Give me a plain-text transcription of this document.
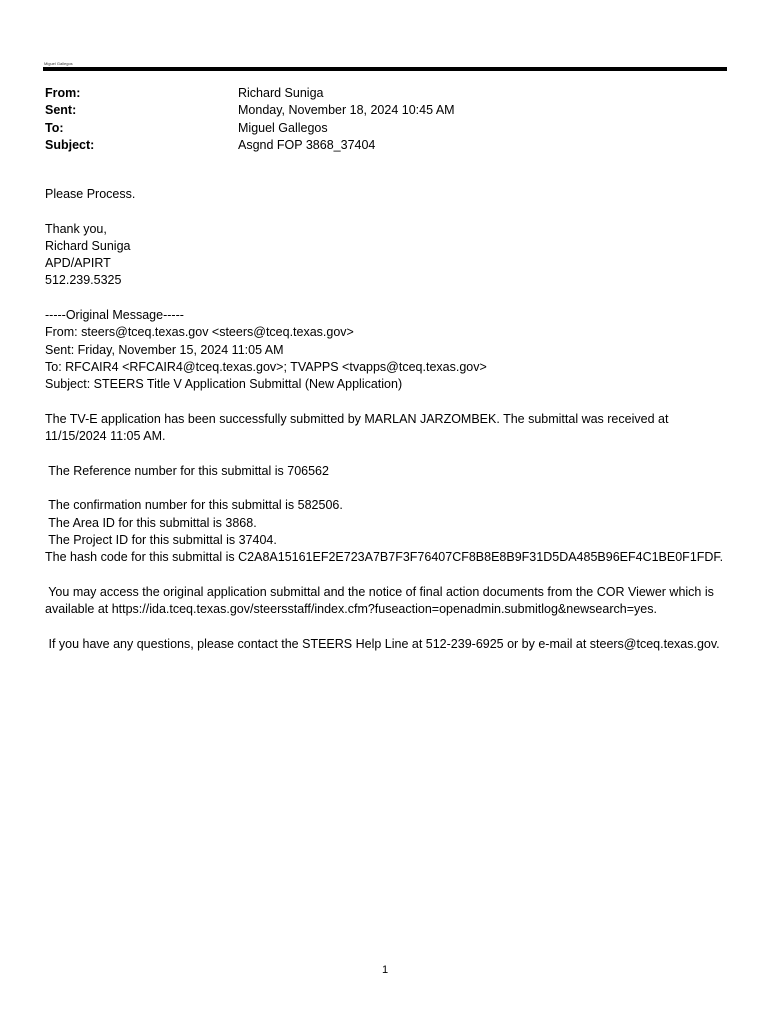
Miguel Gallegos
From:	Richard Suniga
Sent:	Monday, November 18, 2024 10:45 AM
To:	Miguel Gallegos
Subject:	Asgnd FOP 3868_37404
Please Process.
Thank you,
Richard Suniga
APD/APIRT
512.239.5325
-----Original Message-----
From: steers@tceq.texas.gov <steers@tceq.texas.gov>
Sent: Friday, November 15, 2024 11:05 AM
To: RFCAIR4 <RFCAIR4@tceq.texas.gov>; TVAPPS <tvapps@tceq.texas.gov>
Subject: STEERS Title V Application Submittal (New Application)
The TV-E application has been successfully submitted by MARLAN JARZOMBEK. The submittal was received at
11/15/2024 11:05 AM.
The Reference number for this submittal is 706562
The confirmation number for this submittal is 582506.
The Area ID for this submittal is 3868.
The Project ID for this submittal is 37404.
The hash code for this submittal is C2A8A15161EF2E723A7B7F3F76407CF8B8E8B9F31D5DA485B96EF4C1BE0F1FDF.
You may access the original application submittal and the notice of final action documents from the COR Viewer which is
available at https://ida.tceq.texas.gov/steersstaff/index.cfm?fuseaction=openadmin.submitlog&newsearch=yes.
If you have any questions, please contact the STEERS Help Line at 512-239-6925 or by e-mail at steers@tceq.texas.gov.
1
